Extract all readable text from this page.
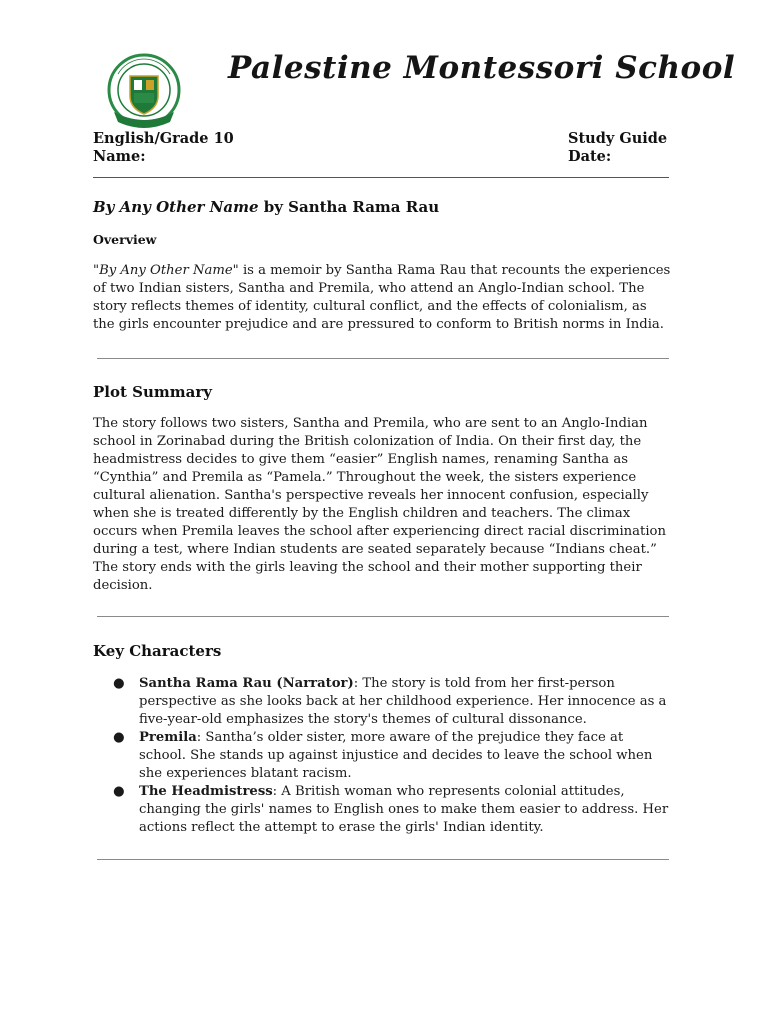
Palestine Montessori School
English/Grade 10
Name:
Study Guide
Date:
By Any Other Name by Santha Rama Rau
Overview
"By Any Other Name" is a memoir by Santha Rama Rau that recounts the experiences of two Indian sisters, Santha and Premila, who attend an Anglo-Indian school. The story reflects themes of identity, cultural conflict, and the effects of colonialism, as the girls encounter prejudice and are pressured to conform to British norms in India.
Plot Summary
The story follows two sisters, Santha and Premila, who are sent to an Anglo-Indian school in Zorinabad during the British colonization of India. On their first day, the headmistress decides to give them “easier” English names, renaming Santha as “Cynthia” and Premila as “Pamela.” Throughout the week, the sisters experience cultural alienation. Santha's perspective reveals her innocent confusion, especially when she is treated differently by the English children and teachers. The climax occurs when Premila leaves the school after experiencing direct racial discrimination during a test, where Indian students are seated separately because “Indians cheat.” The story ends with the girls leaving the school and their mother supporting their decision.
Key Characters
● Santha Rama Rau (Narrator): The story is told from her first-person perspective as she looks back at her childhood experience. Her innocence as a five-year-old emphasizes the story's themes of cultural dissonance.
● Premila: Santha’s older sister, more aware of the prejudice they face at school. She stands up against injustice and decides to leave the school when she experiences blatant racism.
● The Headmistress: A British woman who represents colonial attitudes, changing the girls' names to English ones to make them easier to address. Her actions reflect the attempt to erase the girls' Indian identity.
